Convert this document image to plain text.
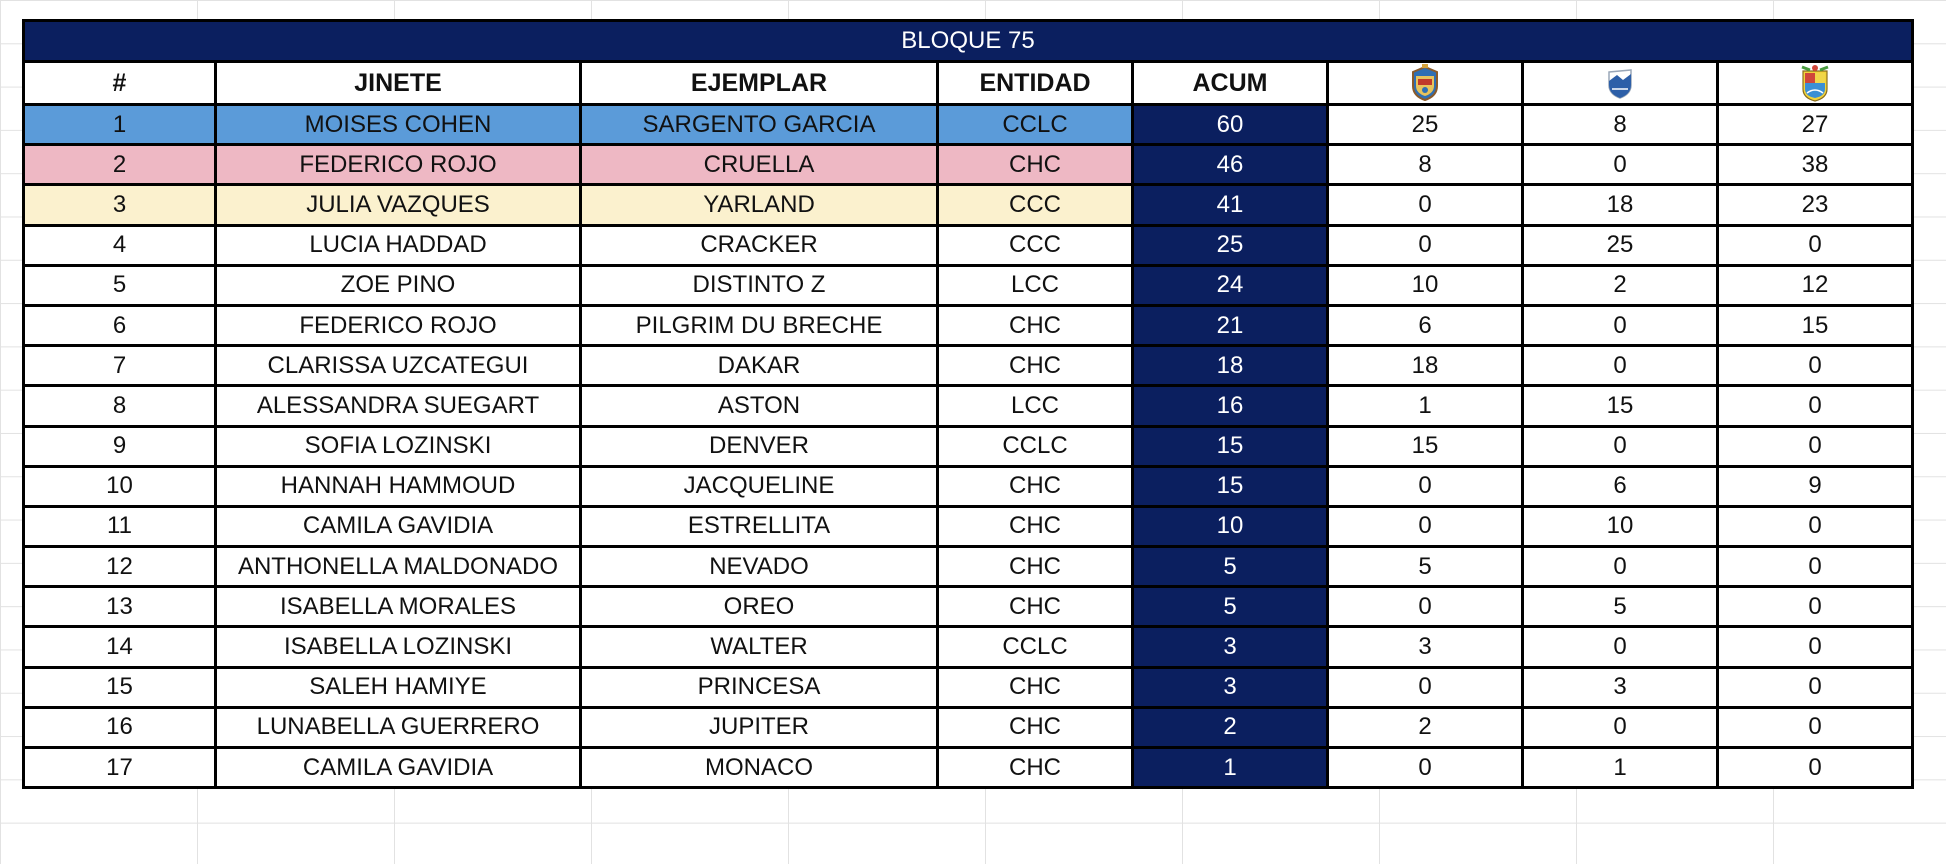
BLOQUE 75							
#	JINETE	EJEMPLAR	ENTIDAD	ACUM			
1	MOISES COHEN	SARGENTO GARCIA	CCLC	60	25	8	27
2	FEDERICO ROJO	CRUELLA	CHC	46	8	0	38
3	JULIA VAZQUES	YARLAND	CCC	41	0	18	23
4	LUCIA HADDAD	CRACKER	CCC	25	0	25	0
5	ZOE PINO	DISTINTO Z	LCC	24	10	2	12
6	FEDERICO ROJO	PILGRIM DU BRECHE	CHC	21	6	0	15
7	CLARISSA UZCATEGUI	DAKAR	CHC	18	18	0	0
8	ALESSANDRA SUEGART	ASTON	LCC	16	1	15	0
9	SOFIA LOZINSKI	DENVER	CCLC	15	15	0	0
10	HANNAH HAMMOUD	JACQUELINE	CHC	15	0	6	9
11	CAMILA GAVIDIA	ESTRELLITA	CHC	10	0	10	0
12	ANTHONELLA MALDONADO	NEVADO	CHC	5	5	0	0
13	ISABELLA MORALES	OREO	CHC	5	0	5	0
14	ISABELLA LOZINSKI	WALTER	CCLC	3	3	0	0
15	SALEH HAMIYE	PRINCESA	CHC	3	0	3	0
16	LUNABELLA GUERRERO	JUPITER	CHC	2	2	0	0
17	CAMILA GAVIDIA	MONACO	CHC	1	0	1	0
